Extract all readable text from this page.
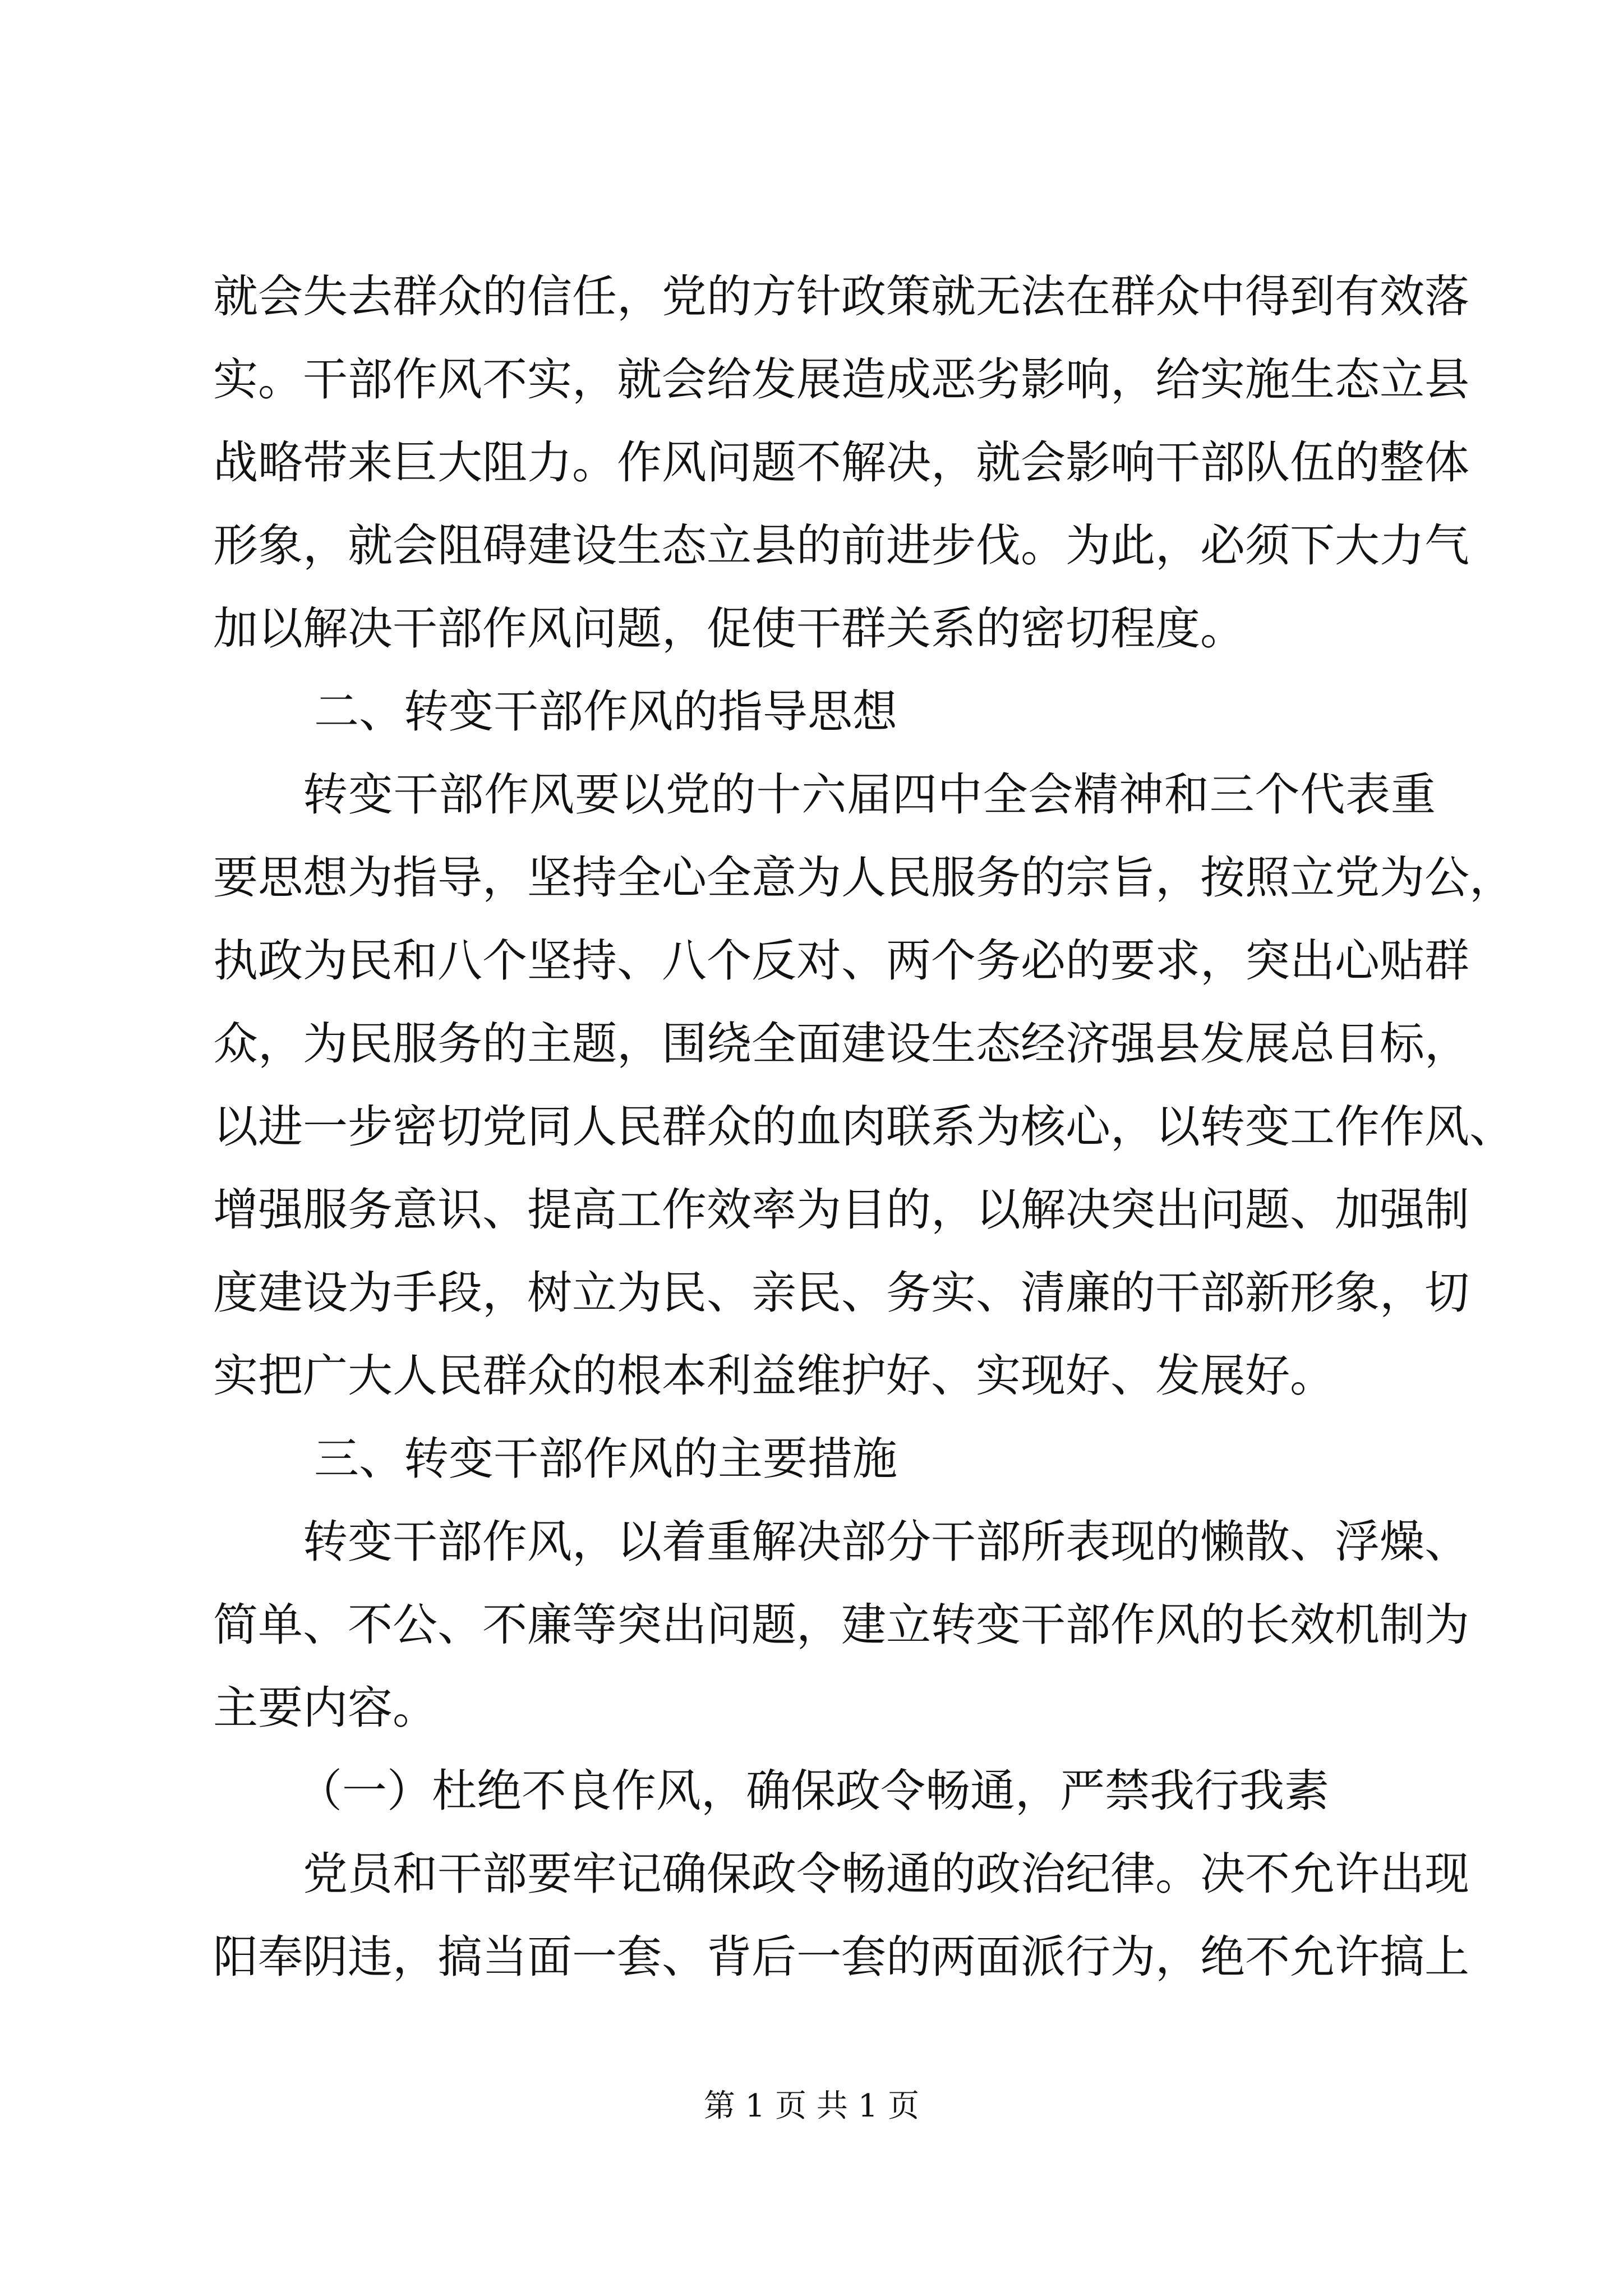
就会失去群众的信任，党的方针政策就无法在群众中得到有效落
实。干部作风不实，就会给发展造成恶劣影响，给实施生态立县
战略带来巨大阻力。作风问题不解决，就会影响干部队伍的整体
形象，就会阻碍建设生态立县的前进步伐。为此，必须下大力气
加以解决干部作风问题，促使干群关系的密切程度。
二、转变干部作风的指导思想
转变干部作风要以党的十六届四中全会精神和三个代表重
要思想为指导，坚持全心全意为人民服务的宗旨，按照立党为公，
执政为民和八个坚持、八个反对、两个务必的要求，突出心贴群
众，为民服务的主题，围绕全面建设生态经济强县发展总目标，
以进一步密切党同人民群众的血肉联系为核心，以转变工作作风、
增强服务意识、提高工作效率为目的，以解决突出问题、加强制
度建设为手段，树立为民、亲民、务实、清廉的干部新形象，切
实把广大人民群众的根本利益维护好、实现好、发展好。
三、转变干部作风的主要措施
转变干部作风，以着重解决部分干部所表现的懒散、浮燥、
简单、不公、不廉等突出问题，建立转变干部作风的长效机制为
主要内容。
（一）杜绝不良作风，确保政令畅通，严禁我行我素
党员和干部要牢记确保政令畅通的政治纪律。决不允许出现
阳奉阴违，搞当面一套、背后一套的两面派行为，绝不允许搞上
第 1 页 共 1 页
